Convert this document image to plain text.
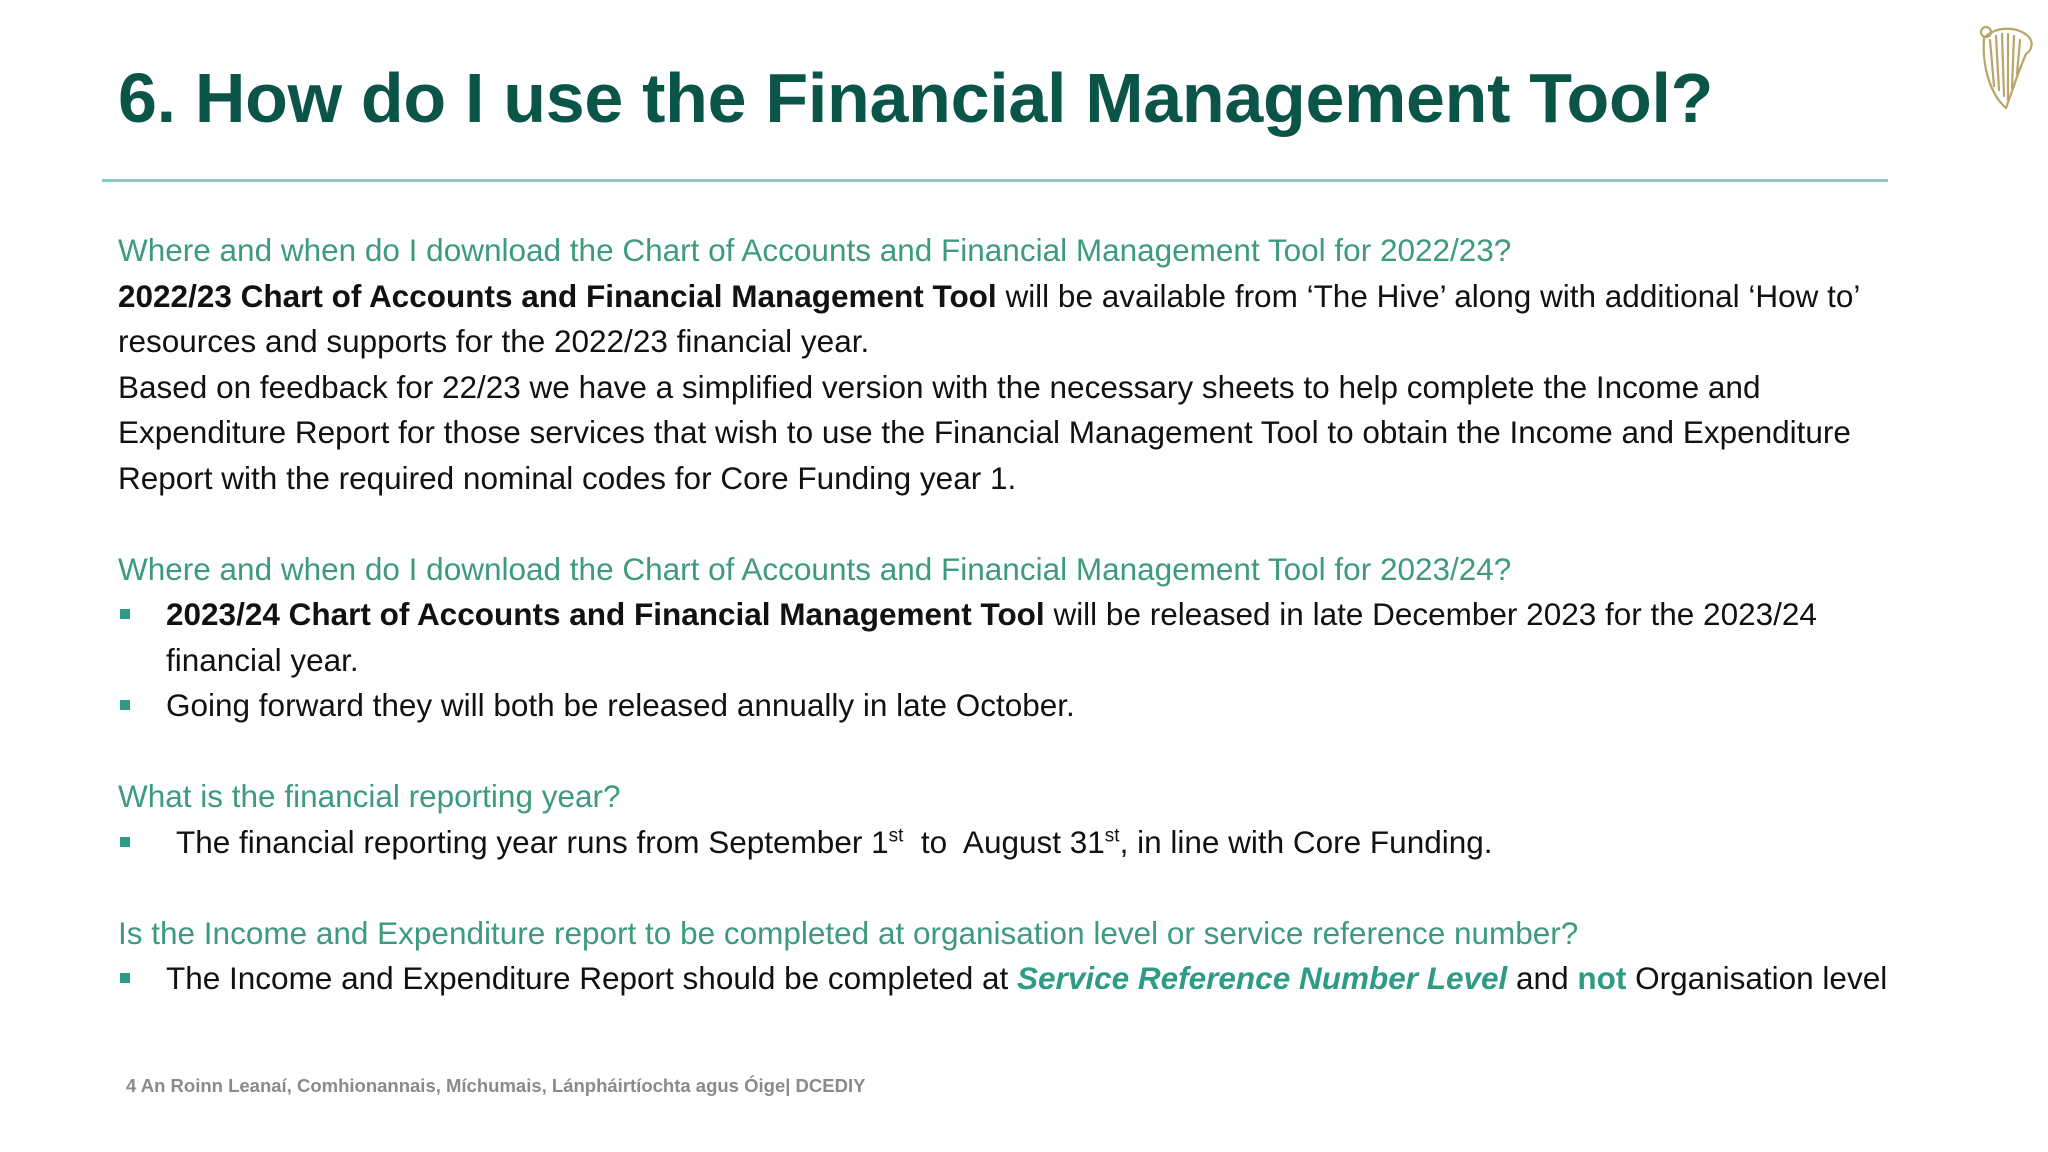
6. How do I use the Financial Management Tool?
Where and when do I download the Chart of Accounts and Financial Management Tool for 2022/23?
2022/23 Chart of Accounts and Financial Management Tool will be available from ‘The Hive’ along with additional ‘How to’ resources and supports for the 2022/23 financial year.
Based on feedback for 22/23 we have a simplified version with the necessary sheets to help complete the Income and Expenditure Report for those services that wish to use the Financial Management Tool to obtain the Income and Expenditure Report with the required nominal codes for Core Funding year 1.
Where and when do I download the Chart of Accounts and Financial Management Tool for 2023/24?
2023/24 Chart of Accounts and Financial Management Tool will be released in late December 2023 for the 2023/24 financial year.
Going forward they will both be released annually in late October.
What is the financial reporting year?
The financial reporting year runs from September 1st  to  August 31st, in line with Core Funding.
Is the Income and Expenditure report to be completed at organisation level or service reference number?
The Income and Expenditure Report should be completed at Service Reference Number Level and not Organisation level
4 An Roinn Leanaí, Comhionannais, Míchumais, Lánpháirtíochta agus Óige| DCEDIY
